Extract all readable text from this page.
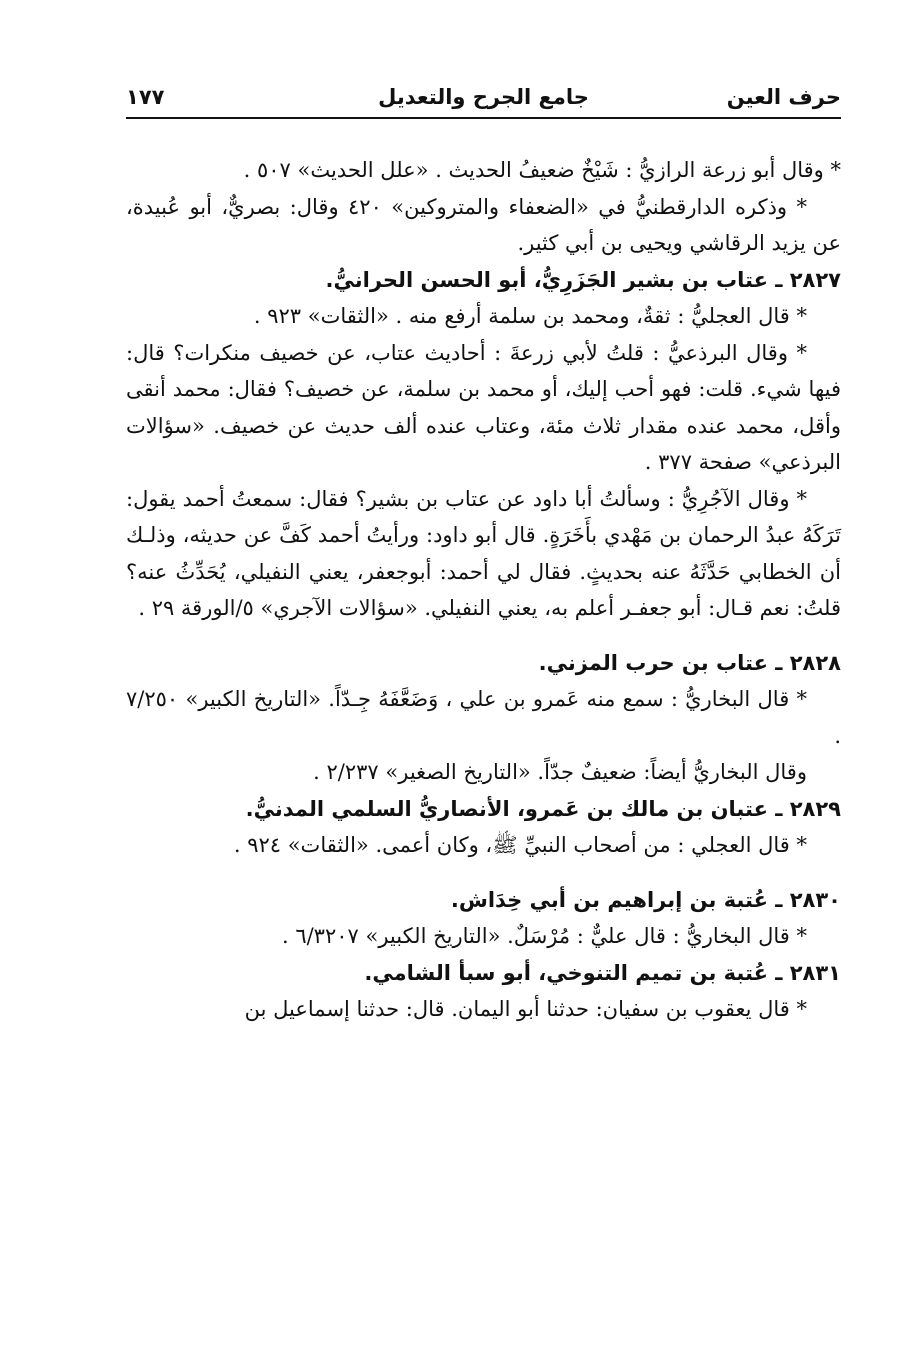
حرف العين
جامع الجرح والتعديل
١٧٧

* وقال أبو زرعة الرازيُّ : شَيْخٌ ضعيفُ الحديث . «علل الحديث» ٥٠٧ .

* وذكره الدارقطنيُّ في «الضعفاء والمتروكين» ٤٢٠ وقال: بصريٌّ، أبو عُبيدة، عن يزيد الرقاشي ويحيى بن أبي كثير.

٢٨٢٧ ـ عتاب بن بشير الجَزَرِيُّ، أبو الحسن الحرانيُّ.

* قال العجليُّ : ثقةٌ، ومحمد بن سلمة أرفع منه . «الثقات» ٩٢٣ .

* وقال البرذعيُّ : قلتُ لأبي زرعةَ : أحاديث عتاب، عن خصيف منكرات؟ قال: فيها شيء. قلت: فهو أحب إليك، أو محمد بن سلمة، عن خصيف؟ فقال: محمد أنقى وأقل، محمد عنده مقدار ثلاث مئة، وعتاب عنده ألف حديث عن خصيف. «سؤالات البرذعي» صفحة ٣٧٧ .

* وقال الآجُرِيُّ : وسألتُ أبا داود عن عتاب بن بشير؟ فقال: سمعتُ أحمد يقول: تَرَكَهُ عبدُ الرحمان بن مَهْدي بأَخَرَةٍ. قال أبو داود: ورأيتُ أحمد كَفَّ عن حديثه، وذلـك أن الخطابي حَدَّثَهُ عنه بحديثٍ. فقال لي أحمد: أبوجعفر، يعني النفيلي، يُحَدِّثُ عنه؟ قلتُ: نعم قـال: أبو جعفـر أعلم به، يعني النفيلي. «سؤالات الآجري» ٥/الورقة ٢٩ .

٢٨٢٨ ـ عتاب بن حرب المزني.

* قال البخاريُّ : سمع منه عَمرو بن علي ، وَضَعَّفَهُ جِـدّاً. «التاريخ الكبير» ٧/٢٥٠ .

وقال البخاريُّ أيضاً: ضعيفٌ جدّاً. «التاريخ الصغير» ٢/٢٣٧ .

٢٨٢٩ ـ عتبان بن مالك بن عَمرو، الأنصاريُّ السلمي المدنيُّ.

* قال العجلي : من أصحاب النبيِّ ﷺ، وكان أعمى. «الثقات» ٩٢٤ .

٢٨٣٠ ـ عُتبة بن إبراهيم بن أبي خِدَاش.

* قال البخاريُّ : قال عليٌّ : مُرْسَلٌ. «التاريخ الكبير» ٦/٣٢٠٧ .

٢٨٣١ ـ عُتبة بن تميم التنوخي، أبو سبأ الشامي.

* قال يعقوب بن سفيان: حدثنا أبو اليمان. قال: حدثنا إسماعيل بن
